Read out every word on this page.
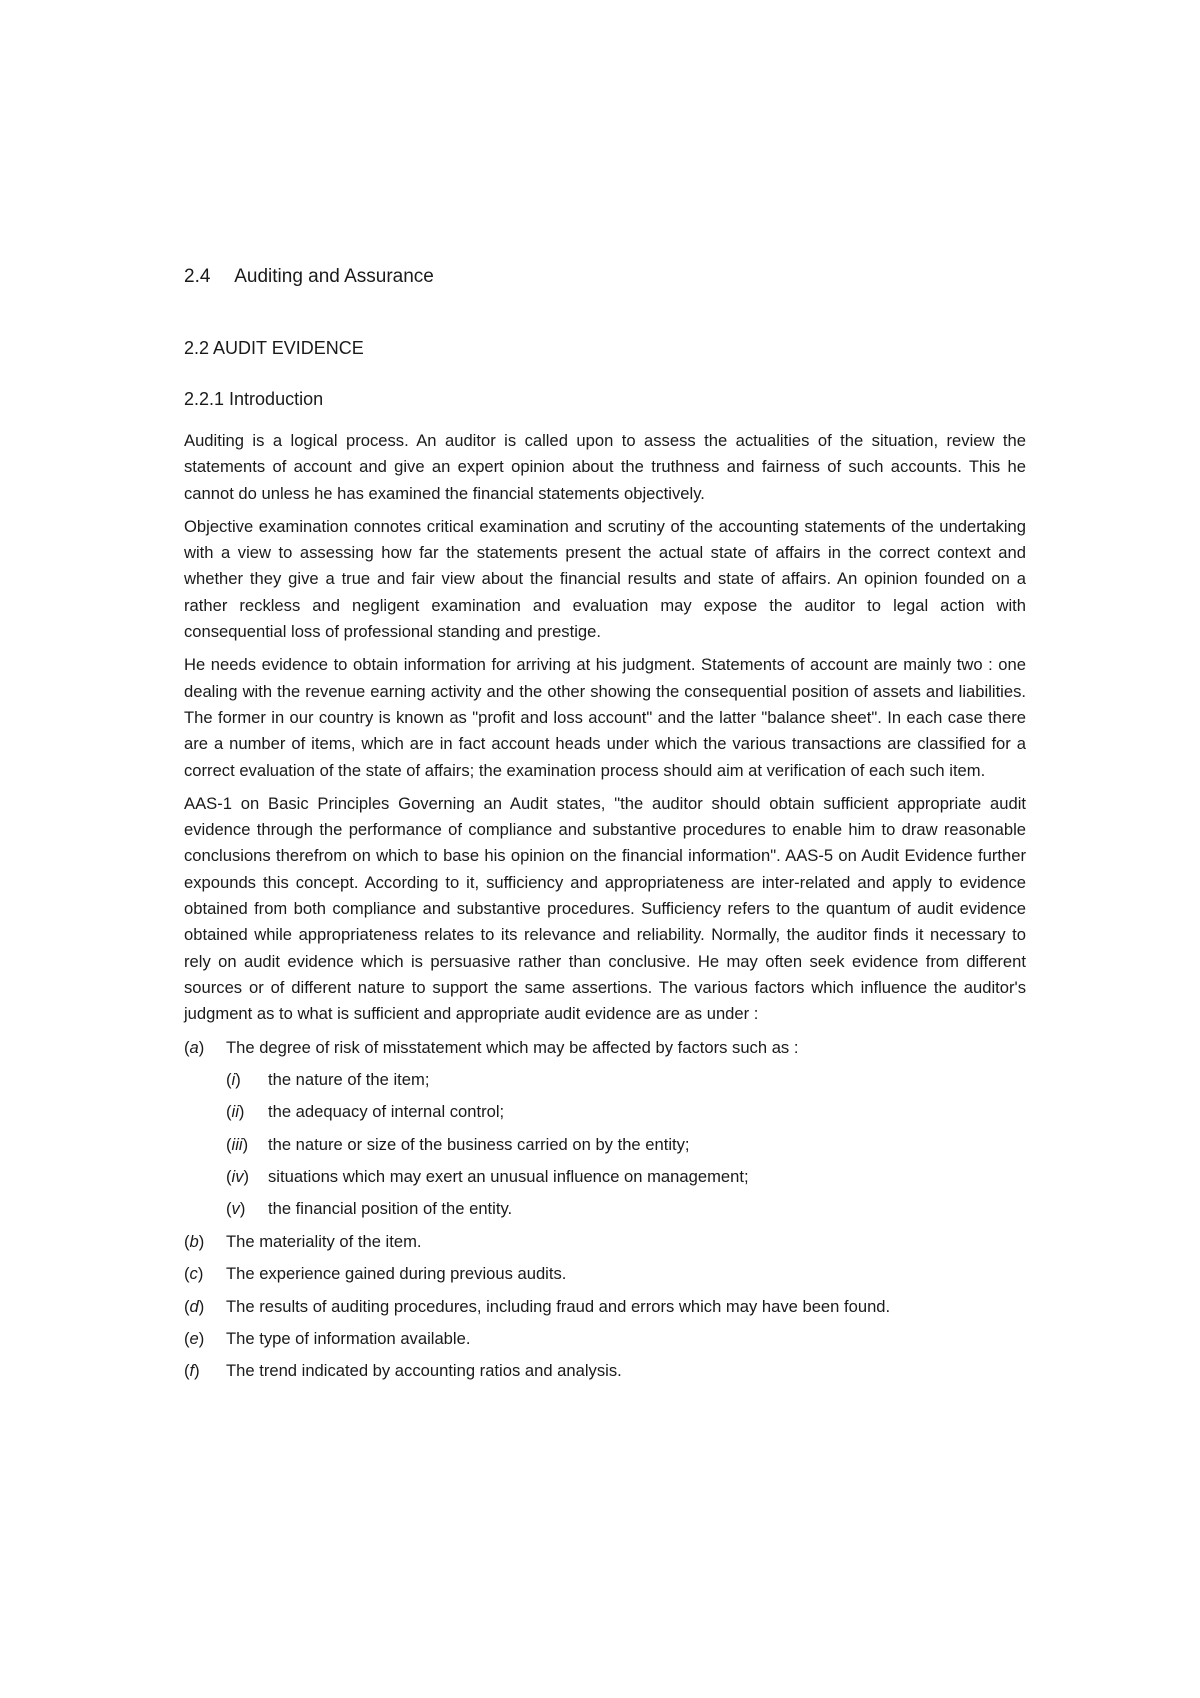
2.4 Auditing and Assurance
2.2 AUDIT EVIDENCE
2.2.1 Introduction

Auditing is a logical process. An auditor is called upon to assess the actualities of the situation, review the statements of account and give an expert opinion about the truthness and fairness of such accounts. This he cannot do unless he has examined the financial statements objectively.

Objective examination connotes critical examination and scrutiny of the accounting statements of the undertaking with a view to assessing how far the statements present the actual state of affairs in the correct context and whether they give a true and fair view about the financial results and state of affairs. An opinion founded on a rather reckless and negligent examination and evaluation may expose the auditor to legal action with consequential loss of professional standing and prestige.

He needs evidence to obtain information for arriving at his judgment. Statements of account are mainly two : one dealing with the revenue earning activity and the other showing the consequential position of assets and liabilities. The former in our country is known as "profit and loss account" and the latter "balance sheet". In each case there are a number of items, which are in fact account heads under which the various transactions are classified for a correct evaluation of the state of affairs; the examination process should aim at verification of each such item.

AAS-1 on Basic Principles Governing an Audit states, "the auditor should obtain sufficient appropriate audit evidence through the performance of compliance and substantive procedures to enable him to draw reasonable conclusions therefrom on which to base his opinion on the financial information". AAS-5 on Audit Evidence further expounds this concept. According to it, sufficiency and appropriateness are inter-related and apply to evidence obtained from both compliance and substantive procedures. Sufficiency refers to the quantum of audit evidence obtained while appropriateness relates to its relevance and reliability. Normally, the auditor finds it necessary to rely on audit evidence which is persuasive rather than conclusive. He may often seek evidence from different sources or of different nature to support the same assertions. The various factors which influence the auditor's judgment as to what is sufficient and appropriate audit evidence are as under :

(a)	The degree of risk of misstatement which may be affected by factors such as :
(i)	the nature of the item;
(ii)	the adequacy of internal control;
(iii)	the nature or size of the business carried on by the entity;
(iv)	situations which may exert an unusual influence on management;
(v)	the financial position of the entity.
(b)	The materiality of the item.
(c)	The experience gained during previous audits.
(d)	The results of auditing procedures, including fraud and errors which may have been found.
(e)	The type of information available.
(f)	The trend indicated by accounting ratios and analysis.
